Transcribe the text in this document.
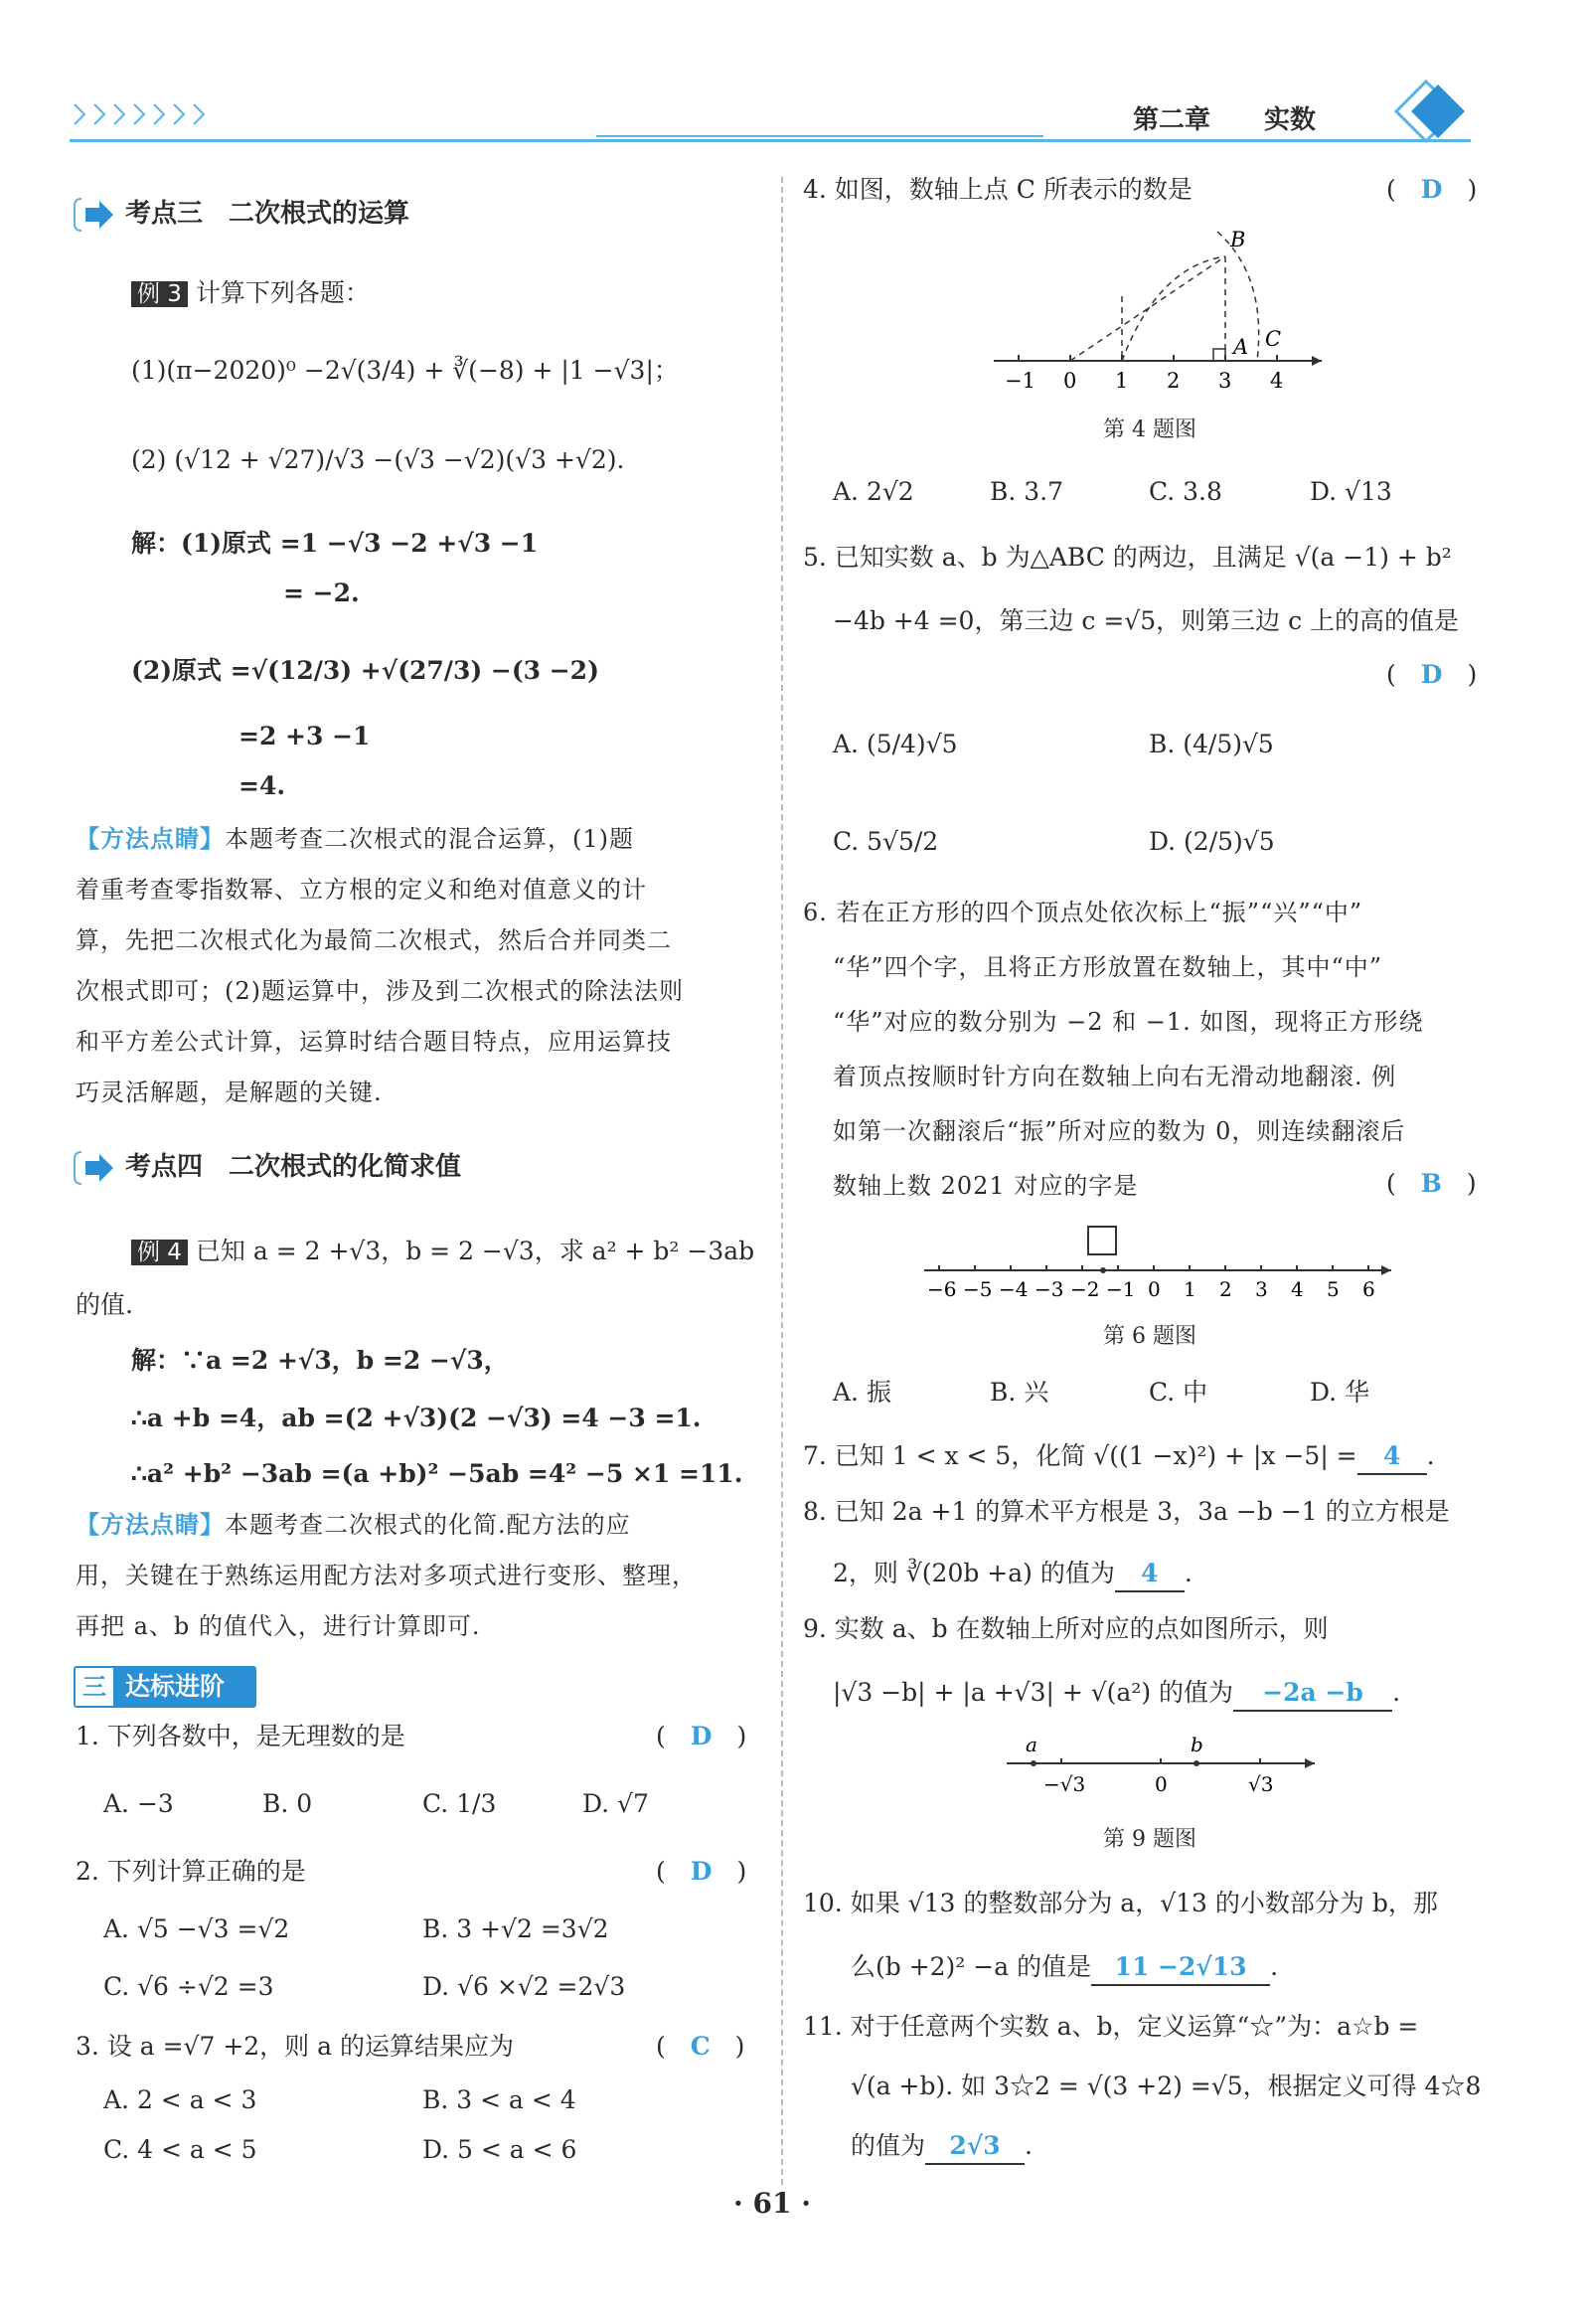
第二章 实数
考点三　二次根式的运算
例 3 计算下列各题：
(1)(π−2020)⁰ −2√(3/4) + ∛(−8) + |1 −√3|；
(2) (√12 + √27)/√3 −(√3 −√2)(√3 +√2).
解：(1)原式 =1 −√3 −2 +√3 −1
= −2.
(2)原式 =√(12/3) +√(27/3) −(3 −2)
=2 +3 −1
=4.
【方法点睛】本题考查二次根式的混合运算，(1)题
着重考查零指数幂、立方根的定义和绝对值意义的计
算，先把二次根式化为最简二次根式，然后合并同类二
次根式即可；(2)题运算中，涉及到二次根式的除法法则
和平方差公式计算，运算时结合题目特点，应用运算技
巧灵活解题，是解题的关键.
考点四　二次根式的化简求值
例 4 已知 a = 2 +√3，b = 2 −√3，求 a² + b² −3ab
的值.
解：∵a =2 +√3，b =2 −√3，
∴a +b =4，ab =(2 +√3)(2 −√3) =4 −3 =1.
∴a² +b² −3ab =(a +b)² −5ab =4² −5 ×1 =11.
【方法点睛】本题考查二次根式的化简.配方法的应
用，关键在于熟练运用配方法对多项式进行变形、整理，
再把 a、b 的值代入，进行计算即可.
三 达标进阶
1. 下列各数中，是无理数的是	(　D　)
A. −3	B. 0	C. 1/3	D. √7
2. 下列计算正确的是	(　D　)
A. √5 −√3 =√2	B. 3 +√2 =3√2
C. √6 ÷√2 =3	D. √6 ×√2 =2√3
3. 设 a =√7 +2，则 a 的运算结果应为	(　C　)
A. 2 < a < 3	B. 3 < a < 4
C. 4 < a < 5	D. 5 < a < 6
4. 如图，数轴上点 C 所表示的数是	(　D　)
B
A C
−1 0 1 2 3 4
第 4 题图
A. 2√2	B. 3.7	C. 3.8	D. √13
5. 已知实数 a、b 为△ABC 的两边，且满足 √(a −1) + b²
−4b +4 =0，第三边 c =√5，则第三边 c 上的高的值是
(　D　)
A. (5/4)√5	B. (4/5)√5
C. 5√5/2	D. (2/5)√5
6. 若在正方形的四个顶点处依次标上“振”“兴”“中”
“华”四个字，且将正方形放置在数轴上，其中“中”
“华”对应的数分别为 −2 和 −1. 如图，现将正方形绕
着顶点按顺时针方向在数轴上向右无滑动地翻滚. 例
如第一次翻滚后“振”所对应的数为 0，则连续翻滚后
数轴上数 2021 对应的字是	(　B　)
−6 −5 −4 −3 −2 −1 0 1 2 3 4 5 6
第 6 题图
A. 振	B. 兴	C. 中	D. 华
7. 已知 1 < x < 5，化简 √((1 −x)²) + |x −5| = 4 .
8. 已知 2a +1 的算术平方根是 3，3a −b −1 的立方根是
2，则 ∛(20b +a) 的值为 4 .
9. 实数 a、b 在数轴上所对应的点如图所示，则
|√3 −b| + |a +√3| + √(a²) 的值为 −2a −b .
a
−√3	0
b
√3
第 9 题图
10. 如果 √13 的整数部分为 a，√13 的小数部分为 b，那
么(b +2)² −a 的值是 11 −2√13 .
11. 对于任意两个实数 a、b，定义运算“☆”为：a☆b =
√(a +b). 如 3☆2 = √(3 +2) =√5，根据定义可得 4☆8
的值为 2√3 .
· 61 ·
